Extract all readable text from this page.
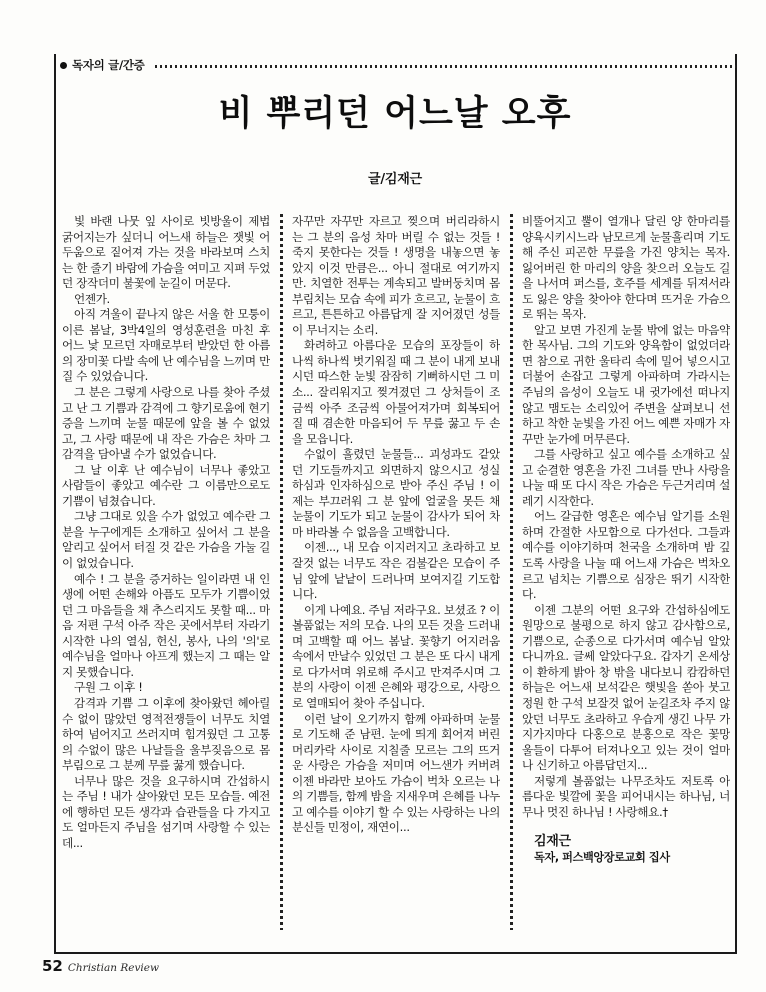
독자의 글/간증
비 뿌리던 어느날 오후
글/김재근

빛 바랜 나뭇 잎 사이로 빗방울이 제법 굵어지는가 싶더니 어느새 하늘은 잿빛 어두움으로 짙어져 가는 것을 바라보며 스치는 한 줄기 바람에 가슴을 여미고 지펴 두었던 장작더미 불꽃에 눈길이 머문다.

언젠가.

아직 겨울이 끝나지 않은 서울 한 모퉁이 이른 봄날, 3박4일의 영성훈련을 마친 후 어느 낯 모르던 자매로부터 받았던 한 아름의 장미꽃 다발 속에 난 예수님을 느끼며 만질 수 있었습니다.

그 분은 그렇게 사랑으로 나를 찾아 주셨고 난 그 기쁨과 감격에 그 향기로움에 현기증을 느끼며 눈물 때문에 앞을 볼 수 없었고, 그 사랑 때문에 내 작은 가슴은 차마 그 감격을 담아낼 수가 없었습니다.

그 날 이후 난 예수님이 너무나 좋았고 사람들이 좋았고 예수란 그 이름만으로도 기쁨이 넘쳤습니다.

그냥 그대로 있을 수가 없었고 예수란 그 분을 누구에게든 소개하고 싶어서 그 분을 알리고 싶어서 터질 것 같은 가슴을 가눌 길이 없었습니다.

예수 ! 그 분을 증거하는 일이라면 내 인생에 어떤 손해와 아픔도 모두가 기쁨이었던 그 마음들을 채 추스리지도 못할 때... 마음 저편 구석 아주 작은 곳에서부터 자라기 시작한 나의 열심, 헌신, 봉사, 나의 '의'로 예수님을 얼마나 아프게 했는지 그 때는 알지 못했습니다.

구원 그 이후 !

감격과 기쁨 그 이후에 찾아왔던 헤아릴 수 없이 많았던 영적전쟁들이 너무도 치열하여 넘어지고 쓰러지며 힘겨웠던 그 고통의 수없이 많은 나날들을 울부짖음으로 몸부림으로 그 분께 무릎 꿇게 했습니다.

너무나 많은 것을 요구하시며 간섭하시는 주님 ! 내가 살아왔던 모든 모습들. 예전에 행하던 모든 생각과 습관들을 다 가지고도 얼마든지 주님을 섬기며 사랑할 수 있는데...

자꾸만 자꾸만 자르고 찢으며 버리라하시는 그 분의 음성 차마 버릴 수 없는 것들 ! 죽지 못한다는 것들 ! 생명을 내놓으면 놓았지 이것 만큼은... 아니 절대로 여기까지만. 치열한 전투는 계속되고 발버둥치며 몸부림치는 모습 속에 피가 흐르고, 눈물이 흐르고, 튼튼하고 아름답게 잘 지어졌던 성들이 무너지는 소리.

화려하고 아름다운 모습의 포장들이 하나씩 하나씩 벗기워질 때 그 분이 내게 보내시던 따스한 눈빛 잠잠히 기뻐하시던 그 미소... 잘리워지고 찢겨졌던 그 상처들이 조금씩 아주 조금씩 아물어져가며 회복되어질 때 겸손한 마음되어 두 무릎 꿇고 두 손을 모읍니다.

수없이 흘렸던 눈물들... 괴성과도 같았던 기도들까지고 외면하지 않으시고 성실하심과 인자하심으로 받아 주신 주님 ! 이제는 부끄러워 그 분 앞에 얼굴을 못든 채 눈물이 기도가 되고 눈물이 감사가 되어 차마 바라볼 수 없음을 고백합니다.

이젠..., 내 모습 이지러지고 초라하고 보잘것 없는 너무도 작은 검불같은 모습이 주님 앞에 낱낱이 드러나며 보여지길 기도합니다.

이게 나예요. 주님 저라구요. 보셨죠 ? 이 볼품없는 저의 모습. 나의 모든 것을 드러내며 고백할 때 어느 봄날. 꽃향기 어지러움 속에서 만날수 있었던 그 분은 또 다시 내게로 다가서며 위로해 주시고 만져주시며 그 분의 사랑이 이젠 은혜와 평강으로, 사랑으로 열매되어 찾아 주십니다.

이런 날이 오기까지 함께 아파하며 눈물로 기도해 준 남편. 눈에 띄게 회어져 버린 머리카락 사이로 지칠줄 모르는 그의 뜨거운 사랑은 가슴을 저미며 어느샌가 커버려 이젠 바라만 보아도 가슴이 벅차 오르는 나의 기쁨들, 함께 밤을 지새우며 은혜를 나누고 예수를 이야기 할 수 있는 사랑하는 나의 분신들 민정이, 재연이...

비뚤어지고 뿔이 열개나 달린 양 한마리를 양육시키시느라 남모르게 눈물흘리며 기도해 주신 피곤한 무릎을 가진 양치는 목자. 잃어버린 한 마리의 양을 찾으러 오늘도 길을 나서며 퍼스를, 호주를 세계를 뒤져서라도 잃은 양을 찾아야 한다며 뜨거운 가슴으로 뛰는 목자.

알고 보면 가진게 눈물 밖에 없는 마음약한 목사님. 그의 기도와 양육함이 없었더라면 참으로 귀한 울타리 속에 밀어 넣으시고 더불어 손잡고 그렇게 아파하며 가라시는 주님의 음성이 오늘도 내 귓가에선 떠나지 않고 맴도는 소리있어 주변을 살펴보니 선하고 착한 눈빛을 가진 어느 예쁜 자매가 자꾸만 눈가에 머무른다.

그를 사랑하고 싶고 예수를 소개하고 싶고 순결한 영혼을 가진 그녀를 만나 사랑을 나눌 때 또 다시 작은 가슴은 두근거리며 설레기 시작한다.

어느 갈급한 영혼은 예수님 알기를 소원하며 간절한 사모함으로 다가선다. 그들과 예수를 이야기하며 천국을 소개하며 밤 깊도록 사랑을 나눌 때 어느새 가슴은 벅차오르고 넘치는 기쁨으로 심장은 뛰기 시작한다.

이젠 그분의 어떤 요구와 간섭하심에도 원망으로 불평으로 하지 않고 감사함으로, 기쁨으로, 순종으로 다가서며 예수님 알았다니까요. 글쎄 알았다구요. 갑자기 온세상이 환하게 밝아 창 밖을 내다보니 캄캄하던 하늘은 어느새 보석같은 햇빛을 쏟아 붓고 정원 한 구석 보잘것 없어 눈길조차 주지 않았던 너무도 초라하고 우습게 생긴 나무 가지가지마다 다홍으로 분홍으로 작은 꽃망울들이 다투어 터져나오고 있는 것이 얼마나 신기하고 아름답던지...

저렇게 볼품없는 나무조차도 저토록 아름다운 빛깔에 꽃을 피어내시는 하나님, 너무나 멋진 하나님 ! 사랑해요.†

김재근

독자, 퍼스백앙장로교회 집사

52 Christian Review
